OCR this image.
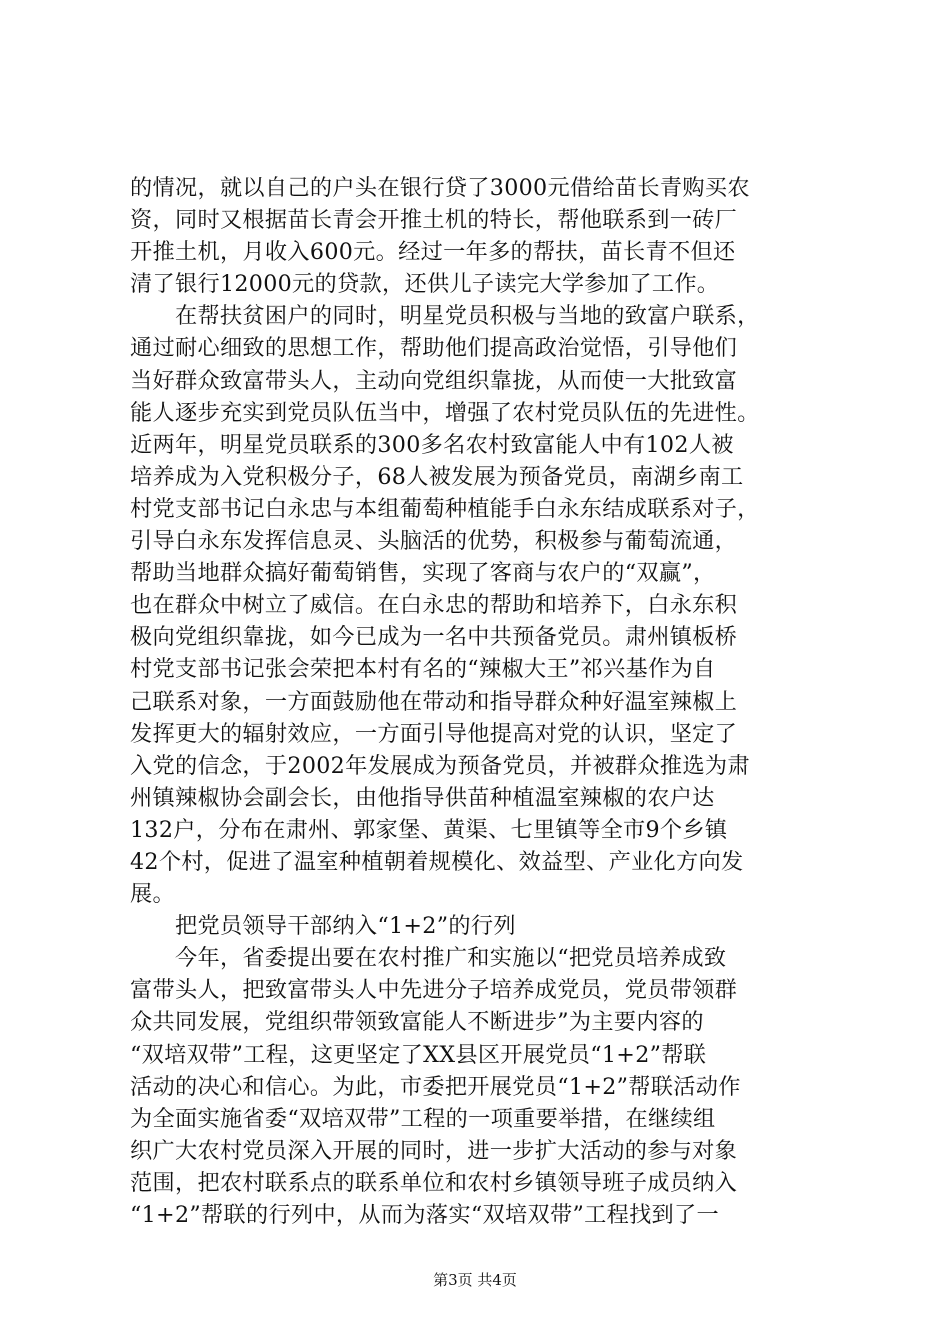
的情况，就以自己的户头在银行贷了3000元借给苗长青购买农
资，同时又根据苗长青会开推土机的特长，帮他联系到一砖厂
开推土机，月收入600元。经过一年多的帮扶，苗长青不但还
清了银行12000元的贷款，还供儿子读完大学参加了工作。
　　在帮扶贫困户的同时，明星党员积极与当地的致富户联系，
通过耐心细致的思想工作，帮助他们提高政治觉悟，引导他们
当好群众致富带头人，主动向党组织靠拢，从而使一大批致富
能人逐步充实到党员队伍当中，增强了农村党员队伍的先进性。
近两年，明星党员联系的300多名农村致富能人中有102人被
培养成为入党积极分子，68人被发展为预备党员，南湖乡南工
村党支部书记白永忠与本组葡萄种植能手白永东结成联系对子，
引导白永东发挥信息灵、头脑活的优势，积极参与葡萄流通，
帮助当地群众搞好葡萄销售，实现了客商与农户的“双赢”，
也在群众中树立了威信。在白永忠的帮助和培养下，白永东积
极向党组织靠拢，如今已成为一名中共预备党员。肃州镇板桥
村党支部书记张会荣把本村有名的“辣椒大王”祁兴基作为自
己联系对象，一方面鼓励他在带动和指导群众种好温室辣椒上
发挥更大的辐射效应，一方面引导他提高对党的认识，坚定了
入党的信念，于2002年发展成为预备党员，并被群众推选为肃
州镇辣椒协会副会长，由他指导供苗种植温室辣椒的农户达
132户，分布在肃州、郭家堡、黄渠、七里镇等全市9个乡镇
42个村，促进了温室种植朝着规模化、效益型、产业化方向发
展。
　　把党员领导干部纳入“1+2”的行列
　　今年，省委提出要在农村推广和实施以“把党员培养成致
富带头人，把致富带头人中先进分子培养成党员，党员带领群
众共同发展，党组织带领致富能人不断进步”为主要内容的
“双培双带”工程，这更坚定了XX县区开展党员“1+2”帮联
活动的决心和信心。为此，市委把开展党员“1+2”帮联活动作
为全面实施省委“双培双带”工程的一项重要举措，在继续组
织广大农村党员深入开展的同时，进一步扩大活动的参与对象
范围，把农村联系点的联系单位和农村乡镇领导班子成员纳入
“1+2”帮联的行列中，从而为落实“双培双带”工程找到了一
第3页 共4页
